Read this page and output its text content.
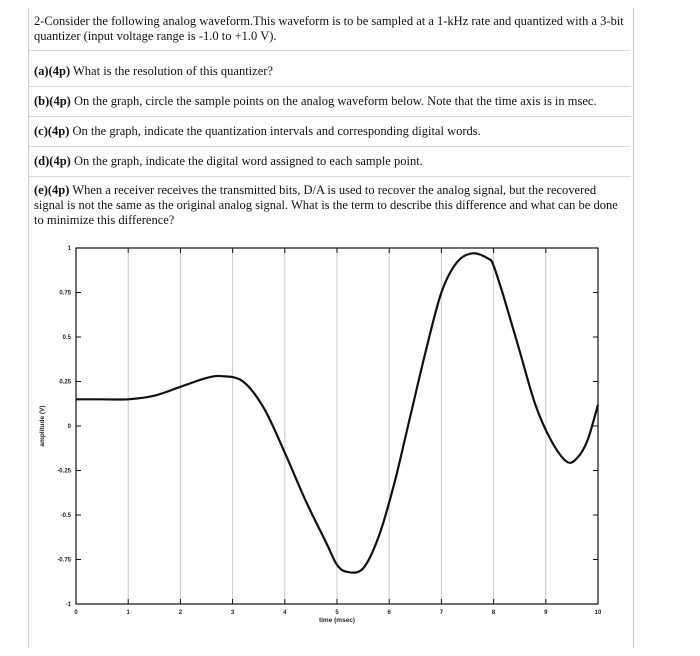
2-Consider the following analog waveform.This waveform is to be sampled at a 1-kHz rate and quantized with a 3-bit quantizer (input voltage range is -1.0 to +1.0 V).
(a)(4p) What is the resolution of this quantizer?
(b)(4p) On the graph, circle the sample points on the analog waveform below. Note that the time axis is in msec.
(c)(4p) On the graph, indicate the quantization intervals and corresponding digital words.
(d)(4p) On the graph, indicate the digital word assigned to each sample point.
(e)(4p) When a receiver receives the transmitted bits, D/A is used to recover the analog signal, but the recovered signal is not the same as the original analog signal. What is the term to describe this difference and what can be done to minimize this difference?
0	1	2	3	4	5	6	7	8	9	10
1
0.75
0.5
0.25
0
-0.25
-0.5
-0.75
-1
time (msec)
amplitude (V)
